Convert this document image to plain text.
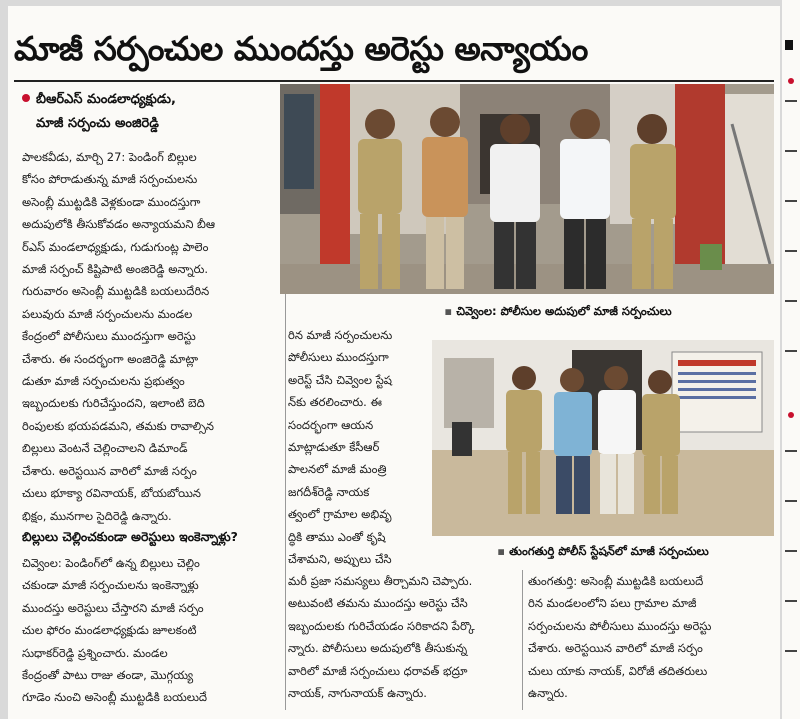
మాజీ సర్పంచుల ముందస్తు అరెస్టు అన్యాయం
బీఆర్ఎస్ మండలాధ్యక్షుడు,
మాజీ సర్పంచు అంజిరెడ్డి
పాలకవీడు, మార్చి 27: పెండింగ్ బిల్లుల
కోసం పోరాడుతున్న మాజీ సర్పంచులను
అసెంబ్లీ ముట్టడికి వెళ్లకుండా ముందస్తుగా
అదుపులోకి తీసుకోవడం అన్యాయమని బీఆ
ర్ఎస్ మండలాధ్యక్షుడు, గుడుగుంట్ల పాలెం
మాజీ సర్పంచ్ కిష్టిపాటి అంజిరెడ్డి అన్నారు.
గురువారం అసెంబ్లీ ముట్టడికి బయలుదేరిన
పలువురు మాజీ సర్పంచులను మండల
కేంద్రంలో పోలీసులు ముందస్తుగా అరెస్టు
చేశారు. ఈ సందర్భంగా అంజిరెడ్డి మాట్లా
డుతూ మాజీ సర్పంచులను ప్రభుత్వం
ఇబ్బందులకు గురిచేస్తుందని, ఇలాంటి బెది
రింపులకు భయపడమని, తమకు రావాల్సిన
బిల్లులు వెంటనే చెల్లించాలని డిమాండ్
చేశారు. అరెస్టయిన వారిలో మాజీ సర్పం
చులు భూక్యా రవినాయక్, బోయబోయిన
భిక్షం, మునగాల సైదిరెడ్డి ఉన్నారు.
బిల్లులు చెల్లించకుండా అరెస్టులు ఇంకెన్నాళ్లు?
చివ్వెంల: పెండింగ్‌లో ఉన్న బిల్లులు చెల్లిం
చకుండా మాజీ సర్పంచులను ఇంకెన్నాళ్లు
ముందస్తు అరెస్టులు చేస్తారని మాజీ సర్పం
చుల ఫోరం మండలాధ్యక్షుడు జూలకంటి
సుధాకర్‌రెడ్డి ప్రశ్నించారు. మండల
కేంద్రంతో పాటు రాజు తండా, మొగ్గయ్య
గూడెం నుంచి అసెంబ్లీ ముట్టడికి బయలుదే
▪ చివ్వెంల: పోలీసుల అదుపులో మాజీ సర్పంచులు
రిన మాజీ సర్పంచులను
పోలీసులు ముందస్తుగా
అరెస్ట్ చేసి చివ్వెంల స్టేష
న్‌కు తరలించారు. ఈ
సందర్భంగా ఆయన
మాట్లాడుతూ కేసీఆర్
పాలనలో మాజీ మంత్రి
జగదీశ్‌రెడ్డి నాయక
త్వంలో గ్రామాల అభివృ
ద్ధికి తాము ఎంతో కృషి
చేశామని, అప్పులు చేసి
మరీ ప్రజా సమస్యలు తీర్చామని చెప్పారు.
అటువంటి తమను ముందస్తు అరెస్టు చేసి
ఇబ్బందులకు గురిచేయడం సరికాదని పేర్కొ
న్నారు. పోలీసులు అదుపులోకి తీసుకున్న
వారిలో మాజీ సర్పంచులు ధరావత్ భద్రూ
నాయక్, నాగునాయక్ ఉన్నారు.
▪ తుంగతుర్తి పోలీస్ స్టేషన్‌లో మాజీ సర్పంచులు
తుంగతుర్తి: అసెంబ్లీ ముట్టడికి బయలుదే
రిన మండలంలోని పలు గ్రామాల మాజీ
సర్పంచులను పోలీసులు ముందస్తు అరెస్టు
చేశారు. అరెస్టయిన వారిలో మాజీ సర్పం
చులు యాకు నాయక్, విరోజీ తదితరులు
ఉన్నారు.
